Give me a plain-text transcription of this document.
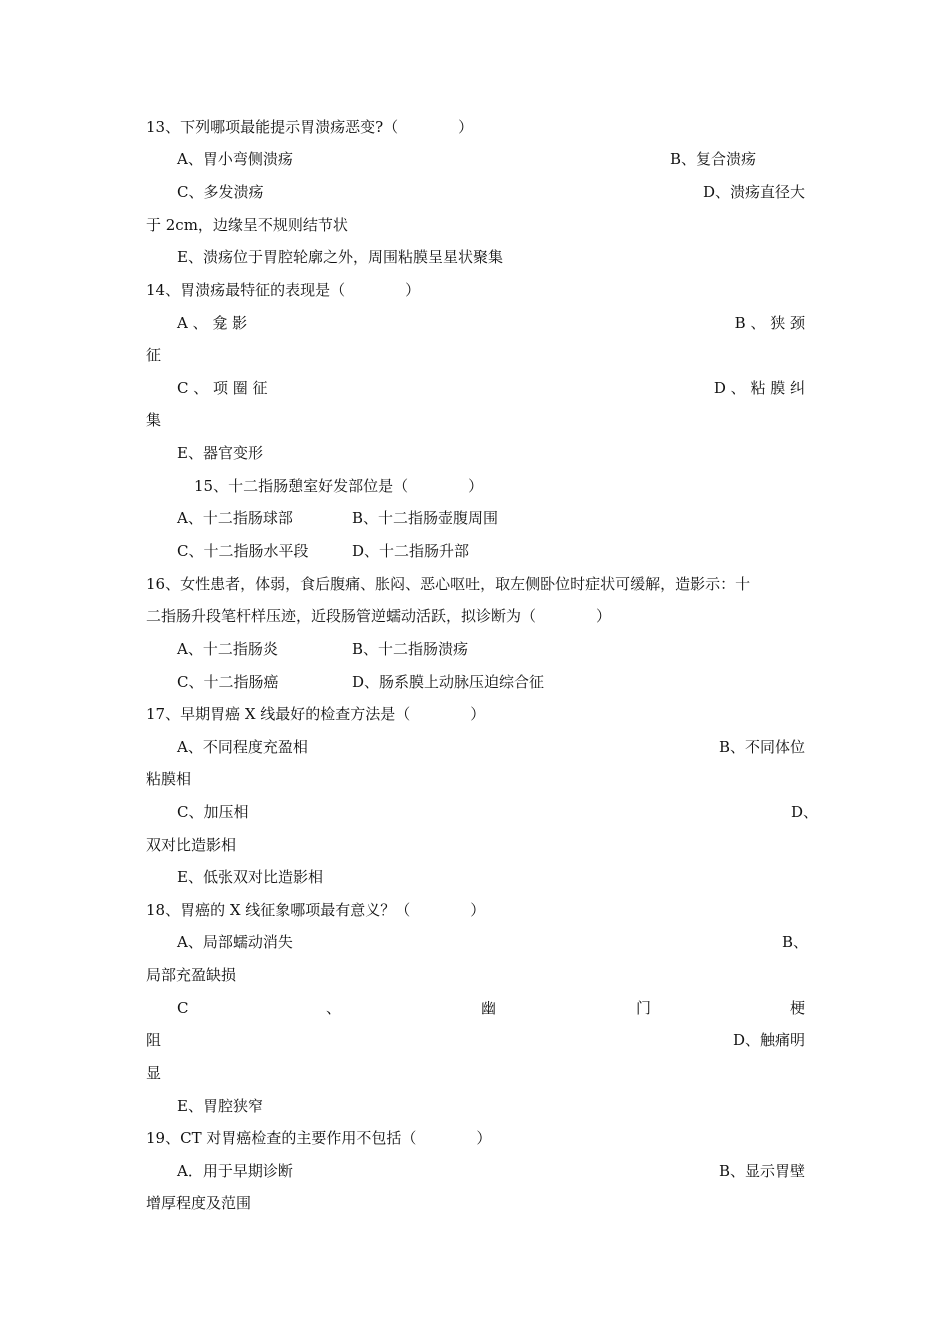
13、下列哪项最能提示胃溃疡恶变?（　　　　）
A、胃小弯侧溃疡	B、复合溃疡
C、多发溃疡	D、溃疡直径大
于 2cm，边缘呈不规则结节状
E、溃疡位于胃腔轮廓之外，周围粘膜呈星状聚集
14、胃溃疡最特征的表现是（　　　　）
A 、 龛 影	B 、 狭 颈
征
C 、 项 圈 征	D 、 粘 膜 纠
集
E、器官变形
15、十二指肠憩室好发部位是（　　　　）
A、十二指肠球部	B、十二指肠壶腹周围
C、十二指肠水平段	D、十二指肠升部
16、女性患者，体弱，食后腹痛、胀闷、恶心呕吐，取左侧卧位时症状可缓解，造影示：十
二指肠升段笔杆样压迹，近段肠管逆蠕动活跃，拟诊断为（　　　　）
A、十二指肠炎	B、十二指肠溃疡
C、十二指肠癌	D、肠系膜上动脉压迫综合征
17、早期胃癌 X 线最好的检查方法是（　　　　）
A、不同程度充盈相	B、不同体位
粘膜相
C、加压相	D、
双对比造影相
E、低张双对比造影相
18、胃癌的 X 线征象哪项最有意义？（　　　　）
A、局部蠕动消失	B、
局部充盈缺损
C	、	幽	门	梗
阻	D、触痛明
显
E、胃腔狭窄
19、CT 对胃癌检查的主要作用不包括（　　　　）
A．用于早期诊断	B、显示胃壁
增厚程度及范围
